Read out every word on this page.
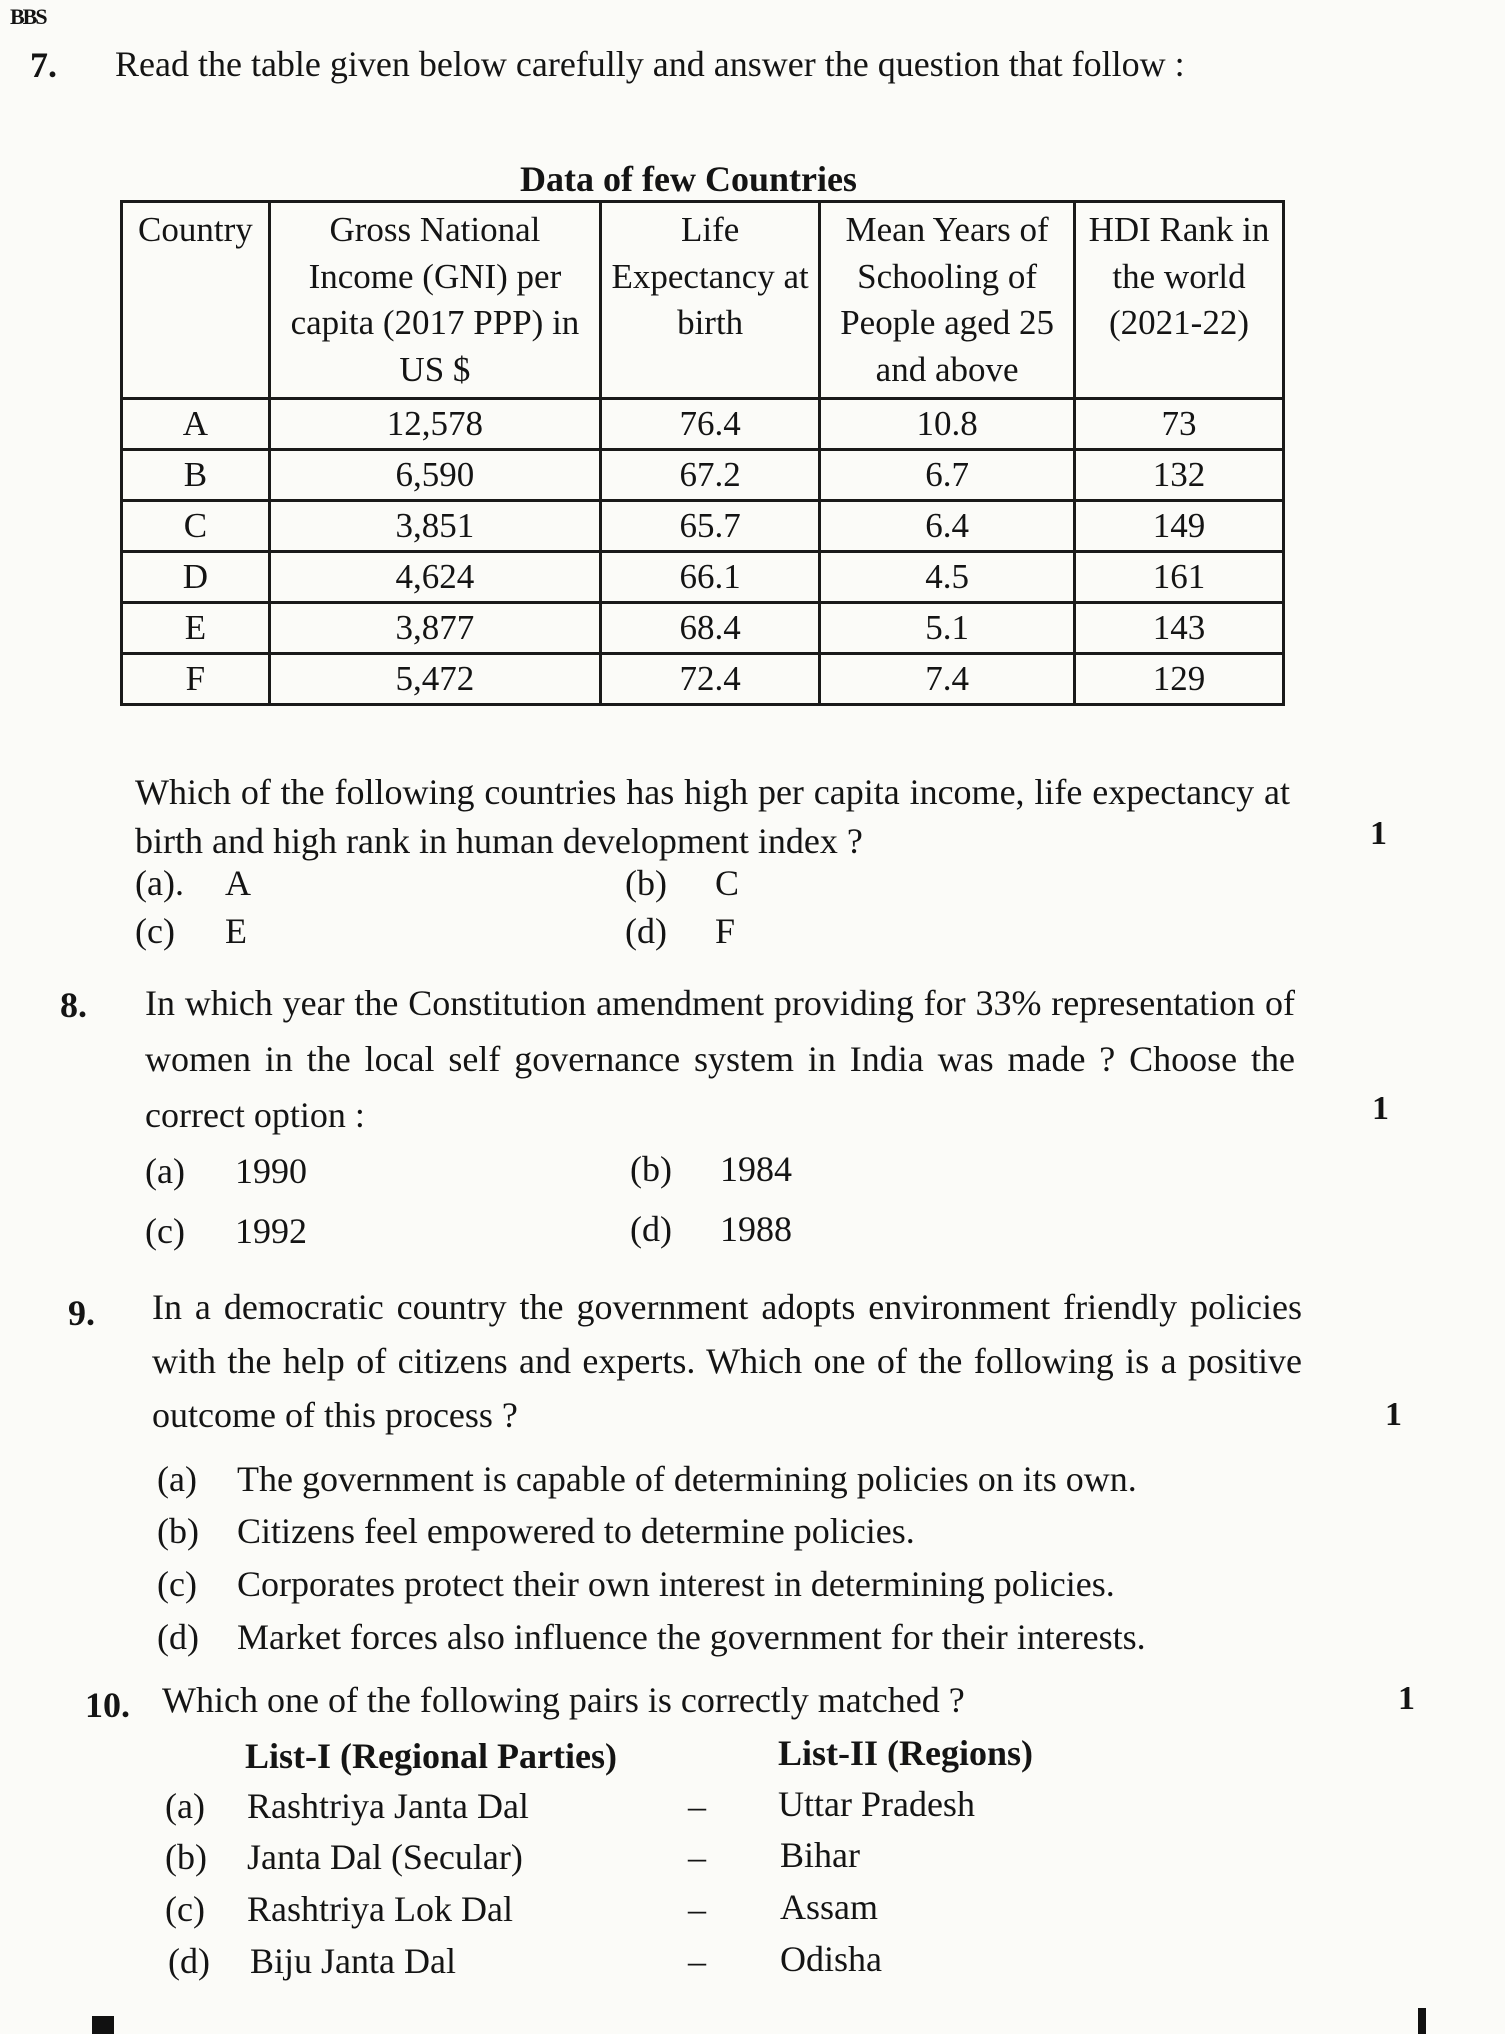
BBS
7. Read the table given below carefully and answer the question that follow :
Data of few Countries
Country	Gross National Income (GNI) per capita (2017 PPP) in US $	Life Expectancy at birth	Mean Years of Schooling of People aged 25 and above	HDI Rank in the world (2021-22)
A	12,578	76.4	10.8	73
B	6,590	67.2	6.7	132
C	3,851	65.7	6.4	149
D	4,624	66.1	4.5	161
E	3,877	68.4	5.1	143
F	5,472	72.4	7.4	129
Which of the following countries has high per capita income, life expectancy at birth and high rank in human development index ?	1
(a). A	(b) C
(c) E	(d) F
8. In which year the Constitution amendment providing for 33% representation of women in the local self governance system in India was made ? Choose the correct option :	1
(a) 1990	(b) 1984
(c) 1992	(d) 1988
9. In a democratic country the government adopts environment friendly policies with the help of citizens and experts. Which one of the following is a positive outcome of this process ?	1
(a) The government is capable of determining policies on its own.
(b) Citizens feel empowered to determine policies.
(c) Corporates protect their own interest in determining policies.
(d) Market forces also influence the government for their interests.
10. Which one of the following pairs is correctly matched ?	1
List-I (Regional Parties)	List-II (Regions)
(a) Rashtriya Janta Dal	– Uttar Pradesh
(b) Janta Dal (Secular)	– Bihar
(c) Rashtriya Lok Dal	– Assam
(d) Biju Janta Dal	– Odisha
